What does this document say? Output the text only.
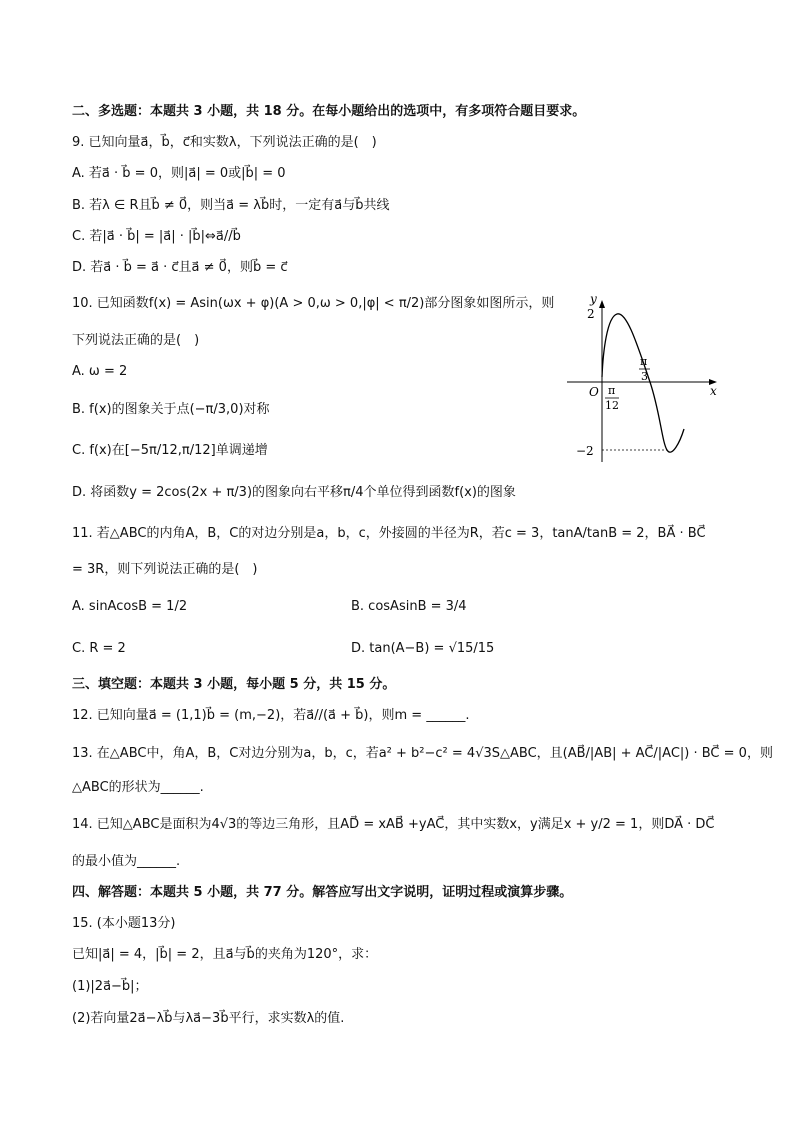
二、多选题：本题共 3 小题，共 18 分。在每小题给出的选项中，有多项符合题目要求。
9. 已知向量a⃗，b⃗，c⃗和实数λ，下列说法正确的是(　)
A. 若a⃗ · b⃗ = 0，则|a⃗| = 0或|b⃗| = 0
B. 若λ ∈ R且b⃗ ≠ 0⃗，则当a⃗ = λb⃗时，一定有a⃗与b⃗共线
C. 若|a⃗ · b⃗| = |a⃗| · |b⃗|⇔a⃗//b⃗
D. 若a⃗ · b⃗ = a⃗ · c⃗且a⃗ ≠ 0⃗，则b⃗ = c⃗
10. 已知函数f(x) = Asin(ωx + φ)(A > 0,ω > 0,|φ| < π/2)部分图象如图所示，则
下列说法正确的是(　)
A. ω = 2
B. f(x)的图象关于点(−π/3,0)对称
C. f(x)在[−5π/12,π/12]单调递增
D. 将函数y = 2cos(2x + π/3)的图象向右平移π/4个单位得到函数f(x)的图象
y
x
O
2
−2
π
12
π
3
11. 若△ABC的内角A，B，C的对边分别是a，b，c，外接圆的半径为R，若c = 3，tanA/tanB = 2，BA⃗ · BC⃗
= 3R，则下列说法正确的是(　)
A. sinAcosB = 1/2	B. cosAsinB = 3/4
C. R = 2	D. tan(A−B) = √15/15
三、填空题：本题共 3 小题，每小题 5 分，共 15 分。
12. 已知向量a⃗ = (1,1)b⃗ = (m,−2)，若a⃗//(a⃗ + b⃗)，则m = ______.
13. 在△ABC中，角A，B，C对边分别为a，b，c，若a² + b²−c² = 4√3S△ABC，且(AB⃗/|AB| + AC⃗/|AC|) · BC⃗ = 0，则
△ABC的形状为______.
14. 已知△ABC是面积为4√3的等边三角形，且AD⃗ = xAB⃗ +yAC⃗，其中实数x，y满足x + y/2 = 1，则DA⃗ · DC⃗
的最小值为______.
四、解答题：本题共 5 小题，共 77 分。解答应写出文字说明，证明过程或演算步骤。
15. (本小题13分)
已知|a⃗| = 4，|b⃗| = 2，且a⃗与b⃗的夹角为120°，求：
(1)|2a⃗−b⃗|；
(2)若向量2a⃗−λb⃗与λa⃗−3b⃗平行，求实数λ的值.
